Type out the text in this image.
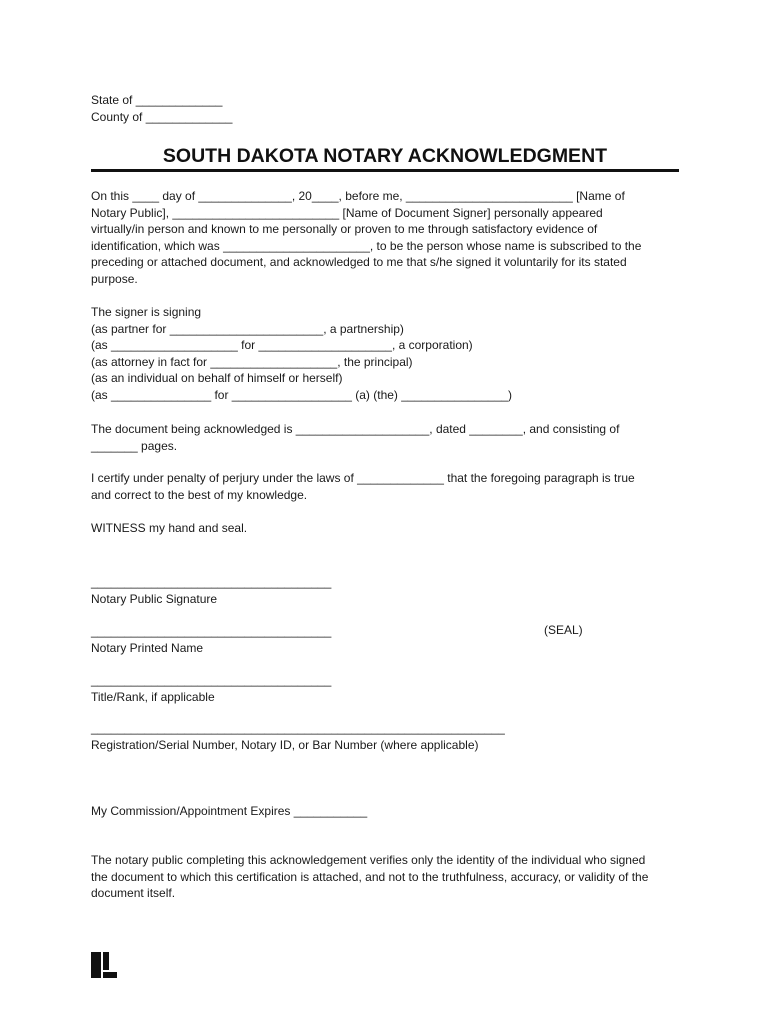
State of _____________
County of _____________
SOUTH DAKOTA NOTARY ACKNOWLEDGMENT
On this ____ day of ______________, 20____, before me, _________________________ [Name of
Notary Public], _________________________ [Name of Document Signer] personally appeared
virtually/in person and known to me personally or proven to me through satisfactory evidence of
identification, which was ______________________, to be the person whose name is subscribed to the
preceding or attached document, and acknowledged to me that s/he signed it voluntarily for its stated
purpose.
The signer is signing
(as partner for _______________________, a partnership)
(as ___________________ for ____________________, a corporation)
(as attorney in fact for ___________________, the principal)
(as an individual on behalf of himself or herself)
(as _______________ for __________________ (a) (the) ________________)
The document being acknowledged is ____________________, dated ________, and consisting of
_______ pages.
I certify under penalty of perjury under the laws of _____________ that the foregoing paragraph is true
and correct to the best of my knowledge.
WITNESS my hand and seal.
____________________________________
Notary Public Signature
____________________________________
Notary Printed Name
(SEAL)
____________________________________
Title/Rank, if applicable
______________________________________________________________
Registration/Serial Number, Notary ID, or Bar Number (where applicable)
My Commission/Appointment Expires ___________
The notary public completing this acknowledgement verifies only the identity of the individual who signed
the document to which this certification is attached, and not to the truthfulness, accuracy, or validity of the
document itself.
